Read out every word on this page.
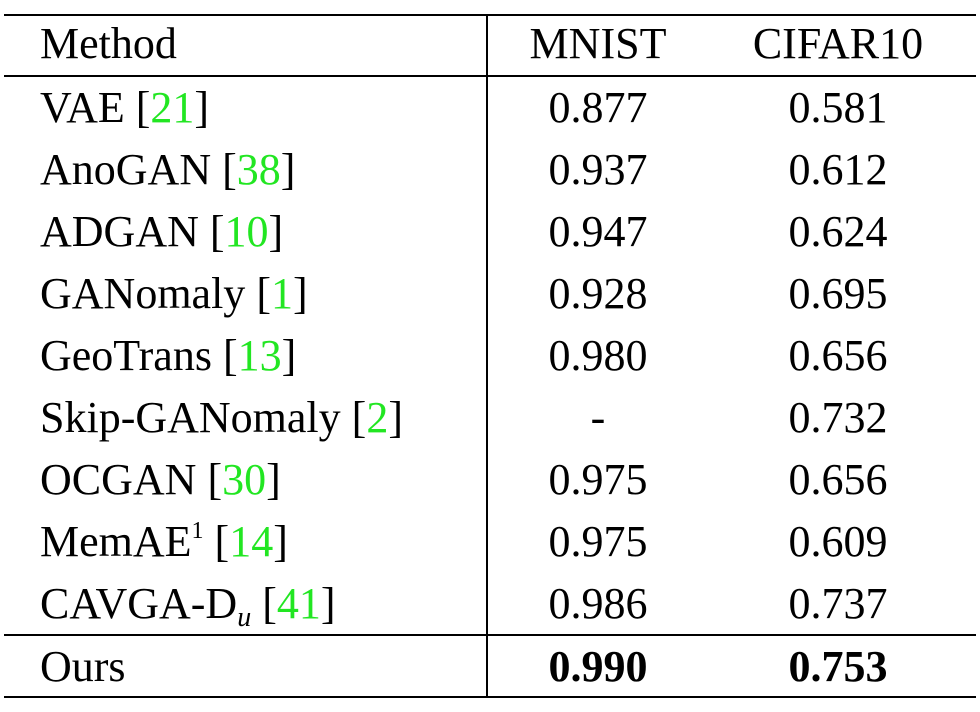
Method	MNIST	CIFAR10
VAE [21]	0.877	0.581
AnoGAN [38]	0.937	0.612
ADGAN [10]	0.947	0.624
GANomaly [1]	0.928	0.695
GeoTrans [13]	0.980	0.656
Skip-GANomaly [2]	-	0.732
OCGAN [30]	0.975	0.656
MemAE$^1$ [14]	0.975	0.609
CAVGA-$D_u$ [41]	0.986	0.737
Ours	0.990	0.753
